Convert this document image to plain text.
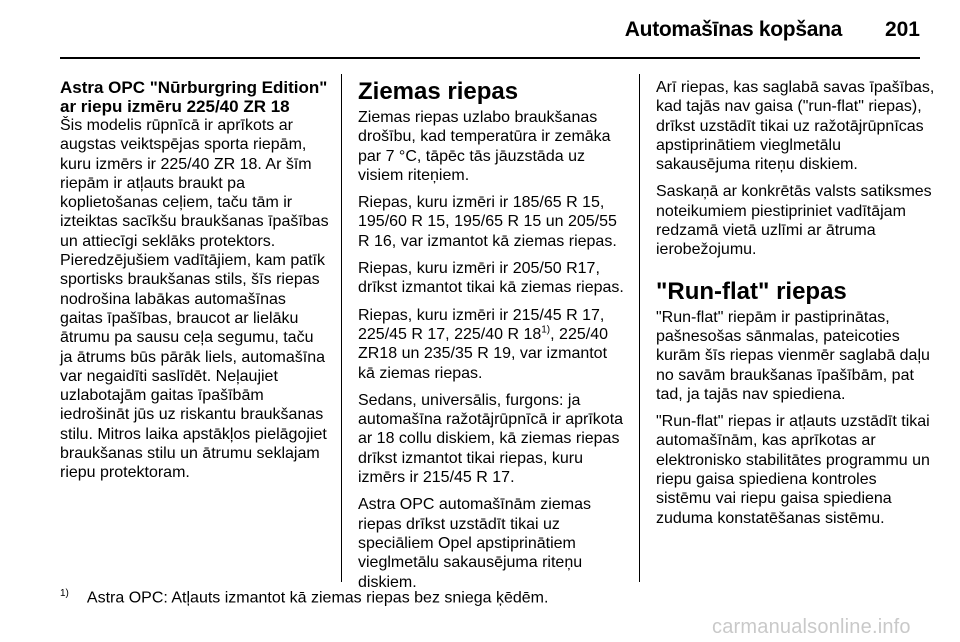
Automašīnas kopšana 201
Astra OPC "Nūrburgring Edition" ar riepu izmēru 225/40 ZR 18

Šis modelis rūpnīcā ir aprīkots ar augstas veiktspējas sporta riepām, kuru izmērs ir 225/40 ZR 18. Ar šīm riepām ir atļauts braukt pa koplietošanas ceļiem, taču tām ir izteiktas sacīkšu braukšanas īpašības un attiecīgi seklāks protektors. Pieredzējušiem vadītājiem, kam patīk sportisks braukšanas stils, šīs riepas nodrošina labākas automašīnas gaitas īpašības, braucot ar lielāku ātrumu pa sausu ceļa segumu, taču ja ātrums būs pārāk liels, automašīna var negaidīti saslīdēt. Neļaujiet uzlabotajām gaitas īpašībām iedrošināt jūs uz riskantu braukšanas stilu. Mitros laika apstākļos pielāgojiet braukšanas stilu un ātrumu seklajam riepu protektoram.

Ziemas riepas

Ziemas riepas uzlabo braukšanas drošību, kad temperatūra ir zemāka par 7 °C, tāpēc tās jāuzstāda uz visiem riteņiem.

Riepas, kuru izmēri ir 185/65 R 15, 195/60 R 15, 195/65 R 15 un 205/55 R 16, var izmantot kā ziemas riepas.

Riepas, kuru izmēri ir 205/50 R17, drīkst izmantot tikai kā ziemas riepas.

Riepas, kuru izmēri ir 215/45 R 17, 225/45 R 17, 225/40 R 18$^{1)}$, 225/40 ZR18 un 235/35 R 19, var izmantot kā ziemas riepas.

Sedans, universālis, furgons: ja automašīna ražotājrūpnīcā ir aprīkota ar 18 collu diskiem, kā ziemas riepas drīkst izmantot tikai riepas, kuru izmērs ir 215/45 R 17.

Astra OPC automašīnām ziemas riepas drīkst uzstādīt tikai uz speciāliem Opel apstiprinātiem vieglmetālu sakausējuma riteņu diskiem.

Arī riepas, kas saglabā savas īpašības, kad tajās nav gaisa ("run-flat" riepas), drīkst uzstādīt tikai uz ražotājrūpnīcas apstiprinātiem vieglmetālu sakausējuma riteņu diskiem.

Saskaņā ar konkrētās valsts satiksmes noteikumiem piestipriniet vadītājam redzamā vietā uzlīmi ar ātruma ierobežojumu.

"Run-flat" riepas

"Run-flat" riepām ir pastiprinātas, pašnesošas sānmalas, pateicoties kurām šīs riepas vienmēr saglabā daļu no savām braukšanas īpašībām, pat tad, ja tajās nav spiediena.

"Run-flat" riepas ir atļauts uzstādīt tikai automašīnām, kas aprīkotas ar elektronisko stabilitātes programmu un riepu gaisa spiediena kontroles sistēmu vai riepu gaisa spiediena zuduma konstatēšanas sistēmu.

$^{1)}$ Astra OPC: Atļauts izmantot kā ziemas riepas bez sniega ķēdēm.
carmanualsonline.info
